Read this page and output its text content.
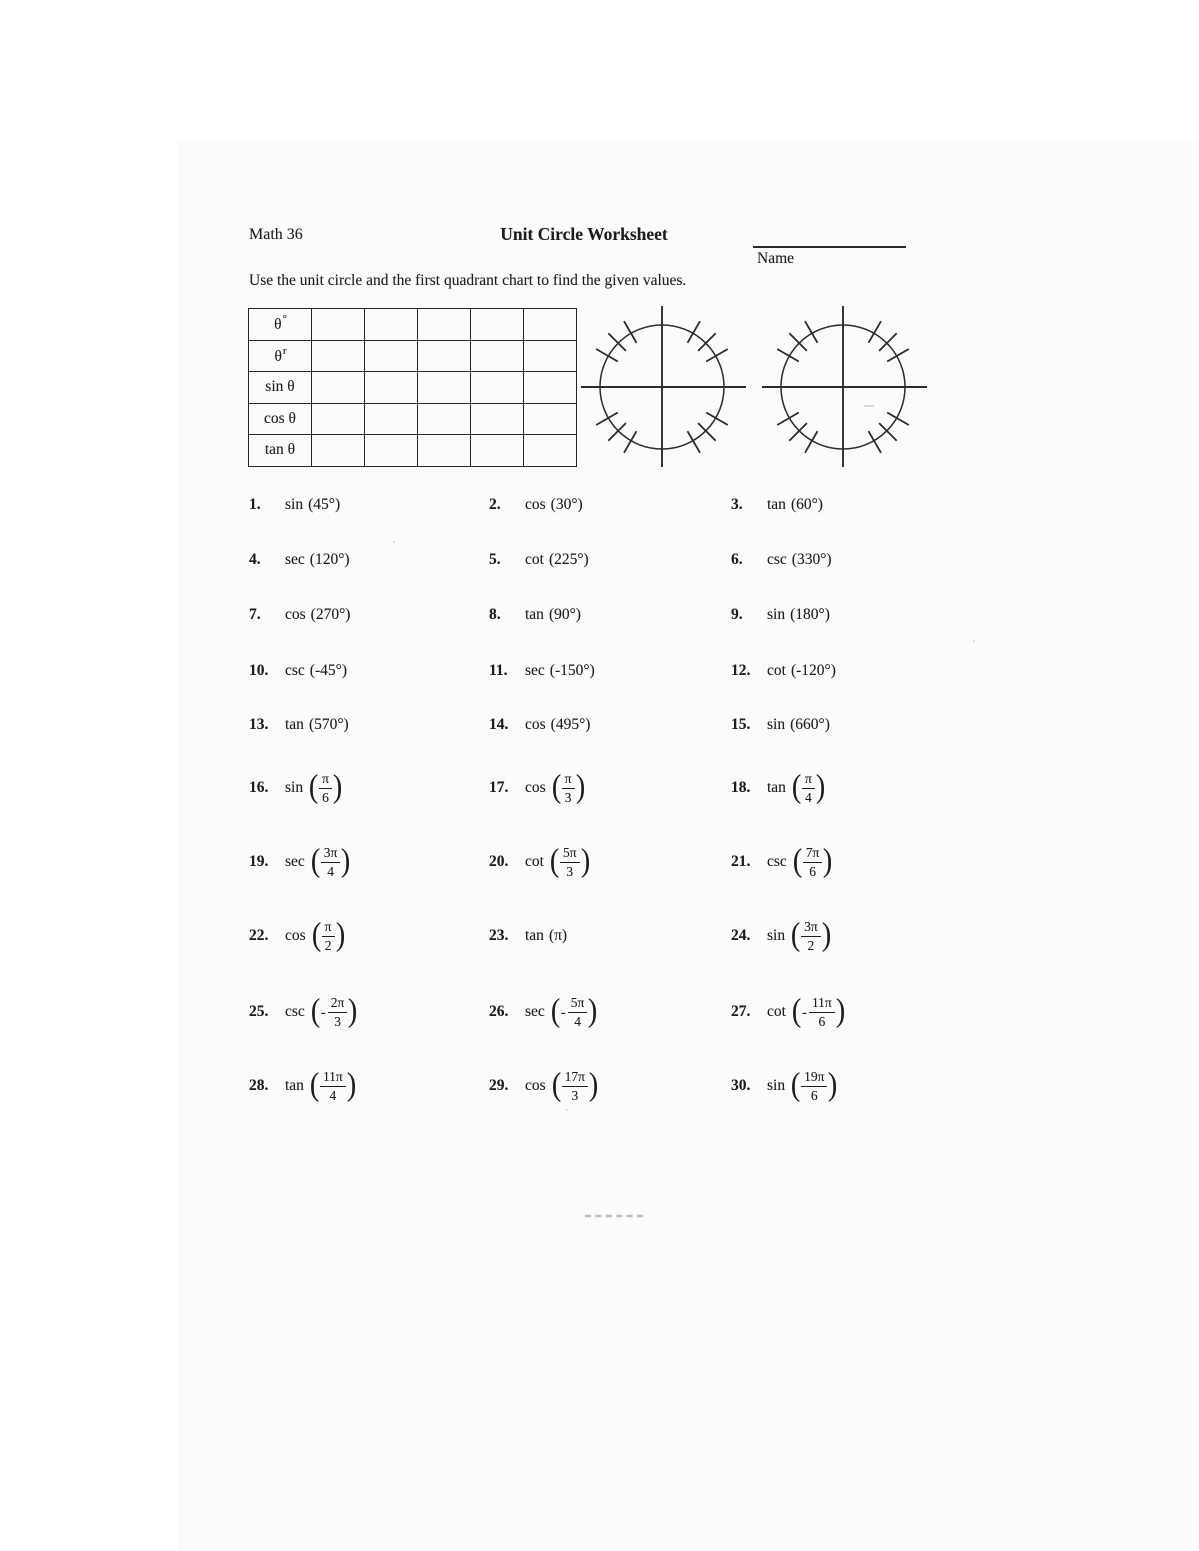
Math 36	Unit Circle Worksheet
Name
Use the unit circle and the first quadrant chart to find the given values.
θ°					
$\theta^r$					
sin θ					
cos θ					
tan θ					
1.	sin (45°)	2.	cos (30°)	3.	tan (60°)
4.	sec (120°)	5.	cot (225°)	6.	csc (330°)
7.	cos (270°)	8.	tan (90°)	9.	sin (180°)
10.	csc (-45°)	11.	sec (-150°)	12.	cot (-120°)
13.	tan (570°)	14.	cos (495°)	15.	sin (660°)
16.	sin ( $\frac{\pi}{6}$ )	17.	cos ( $\frac{\pi}{3}$ )	18.	tan ( $\frac{\pi}{4}$ )
19.	sec ( $\frac{3\pi}{4}$ )	20.	cot ( $\frac{5\pi}{3}$ )	21.	csc ( $\frac{7\pi}{6}$ )
22.	cos ( $\frac{\pi}{2}$ )	23.	tan (π)	24.	sin ( $\frac{3\pi}{2}$ )
25.	csc ( - $\frac{2\pi}{3}$ )	26.	sec ( - $\frac{5\pi}{4}$ )	27.	cot ( - $\frac{11\pi}{6}$ )
28.	tan ( $\frac{11\pi}{4}$ )	29.	cos ( $\frac{17\pi}{3}$ )	30.	sin ( $\frac{19\pi}{6}$ )
